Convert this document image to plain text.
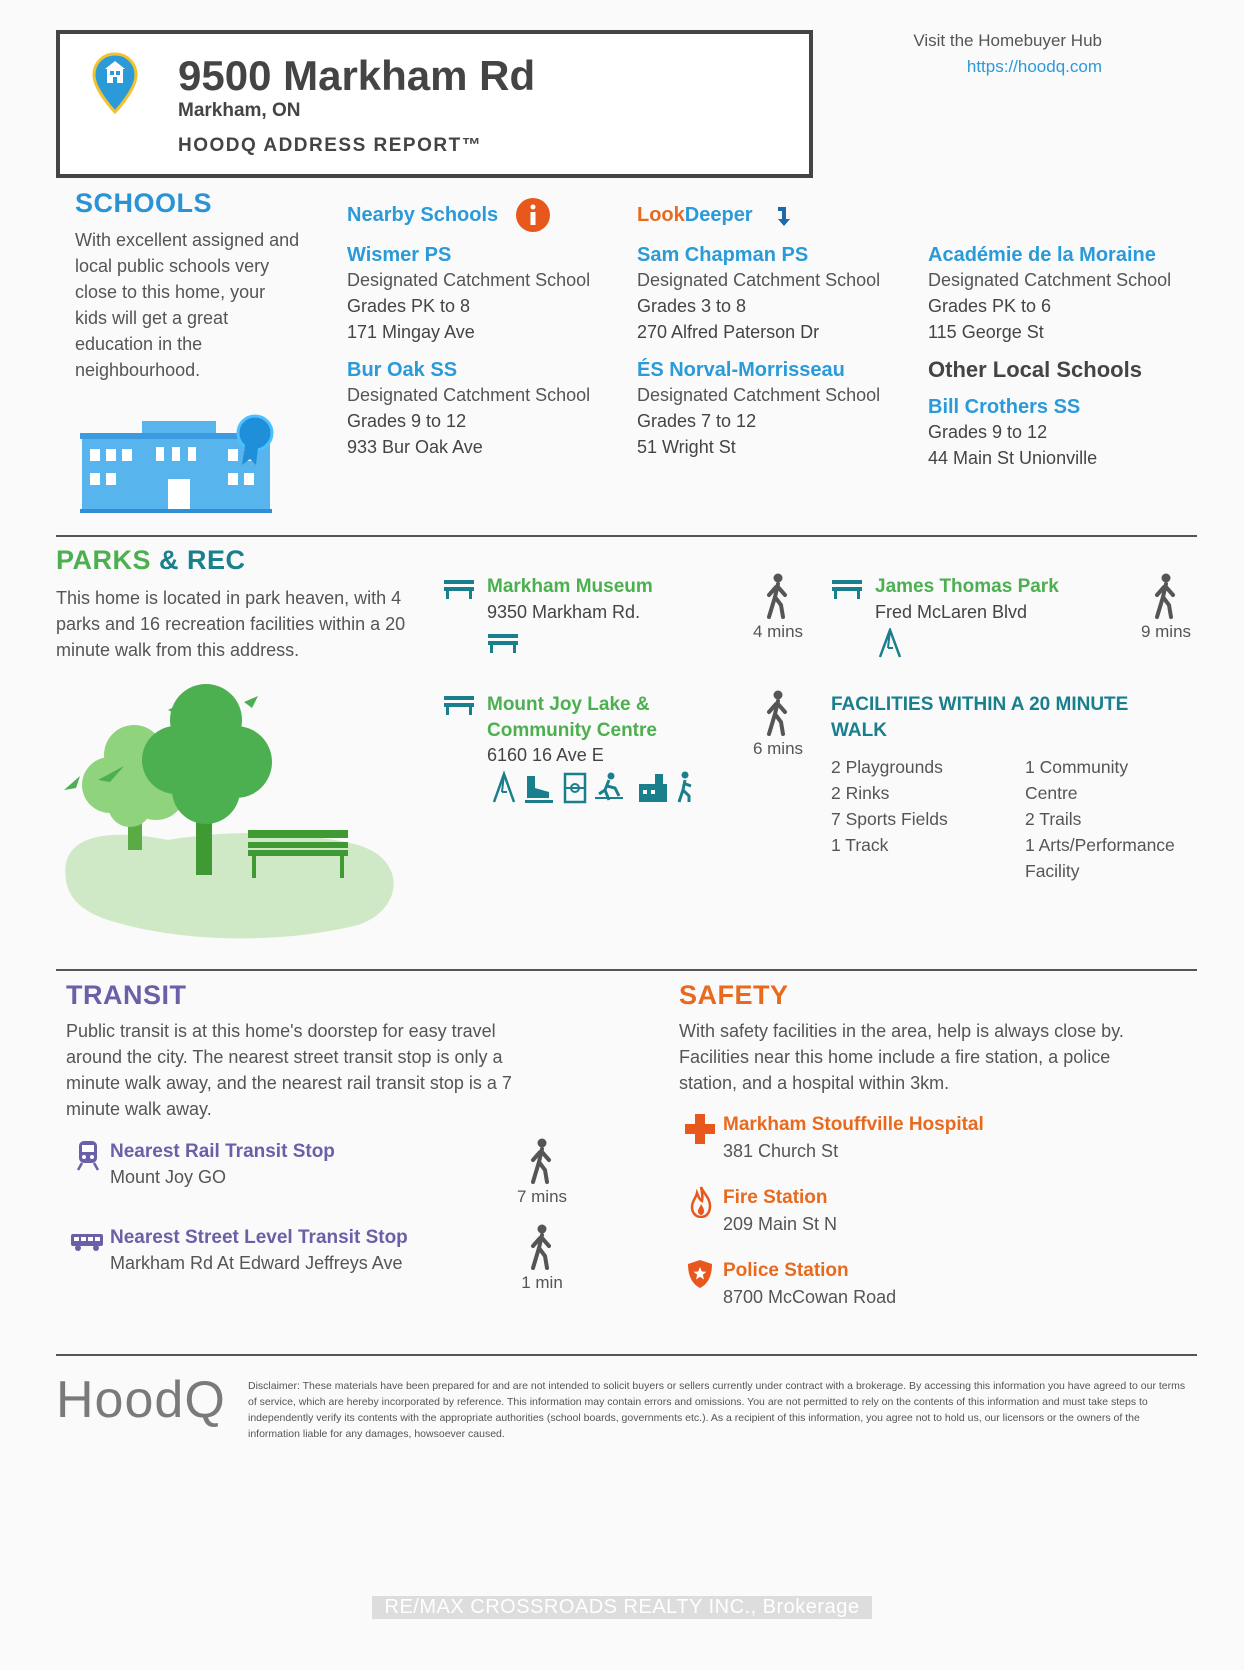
9500 Markham Rd
Markham, ON
HOODQ ADDRESS REPORT™
Visit the Homebuyer Hub
https://hoodq.com
SCHOOLS
With excellent assigned and local public schools very close to this home, your kids will get a great education in the neighbourhood.
Nearby Schools	LookDeeper
Wismer PS
Designated Catchment School
Grades PK to 8
171 Mingay Ave
Bur Oak SS
Designated Catchment School
Grades 9 to 12
933 Bur Oak Ave
Sam Chapman PS
Designated Catchment School
Grades 3 to 8
270 Alfred Paterson Dr
ÉS Norval-Morrisseau
Designated Catchment School
Grades 7 to 12
51 Wright St
Académie de la Moraine
Designated Catchment School
Grades PK to 6
115 George St
Other Local Schools
Bill Crothers SS
Grades 9 to 12
44 Main St Unionville
PARKS & REC
This home is located in park heaven, with 4 parks and 16 recreation facilities within a 20 minute walk from this address.
Markham Museum
9350 Markham Rd.
4 mins
James Thomas Park
Fred McLaren Blvd
9 mins
Mount Joy Lake &
Community Centre
6160 16 Ave E	6 mins
FACILITIES WITHIN A 20 MINUTE
WALK
2 Playgrounds
2 Rinks
7 Sports Fields
1 Track
1 Community
Centre
2 Trails
1 Arts/Performance
Facility
TRANSIT
Public transit is at this home's doorstep for easy travel around the city. The nearest street transit stop is only a minute walk away, and the nearest rail transit stop is a 7 minute walk away.
Nearest Rail Transit Stop
Mount Joy GO
7 mins
Nearest Street Level Transit Stop
Markham Rd At Edward Jeffreys Ave
1 min
SAFETY
With safety facilities in the area, help is always close by. Facilities near this home include a fire station, a police station, and a hospital within 3km.
Markham Stouffville Hospital
381 Church St
Fire Station
209 Main St N
Police Station
8700 McCowan Road
HoodQ Disclaimer: These materials have been prepared for and are not intended to solicit buyers or sellers currently under contract with a brokerage. By accessing this information you have agreed to our terms of service, which are hereby incorporated by reference. This information may contain errors and omissions. You are not permitted to rely on the contents of this information and must take steps to independently verify its contents with the appropriate authorities (school boards, governments etc.). As a recipient of this information, you agree not to hold us, our licensors or the owners of the information liable for any damages, howsoever caused.
RE/MAX CROSSROADS REALTY INC., Brokerage
